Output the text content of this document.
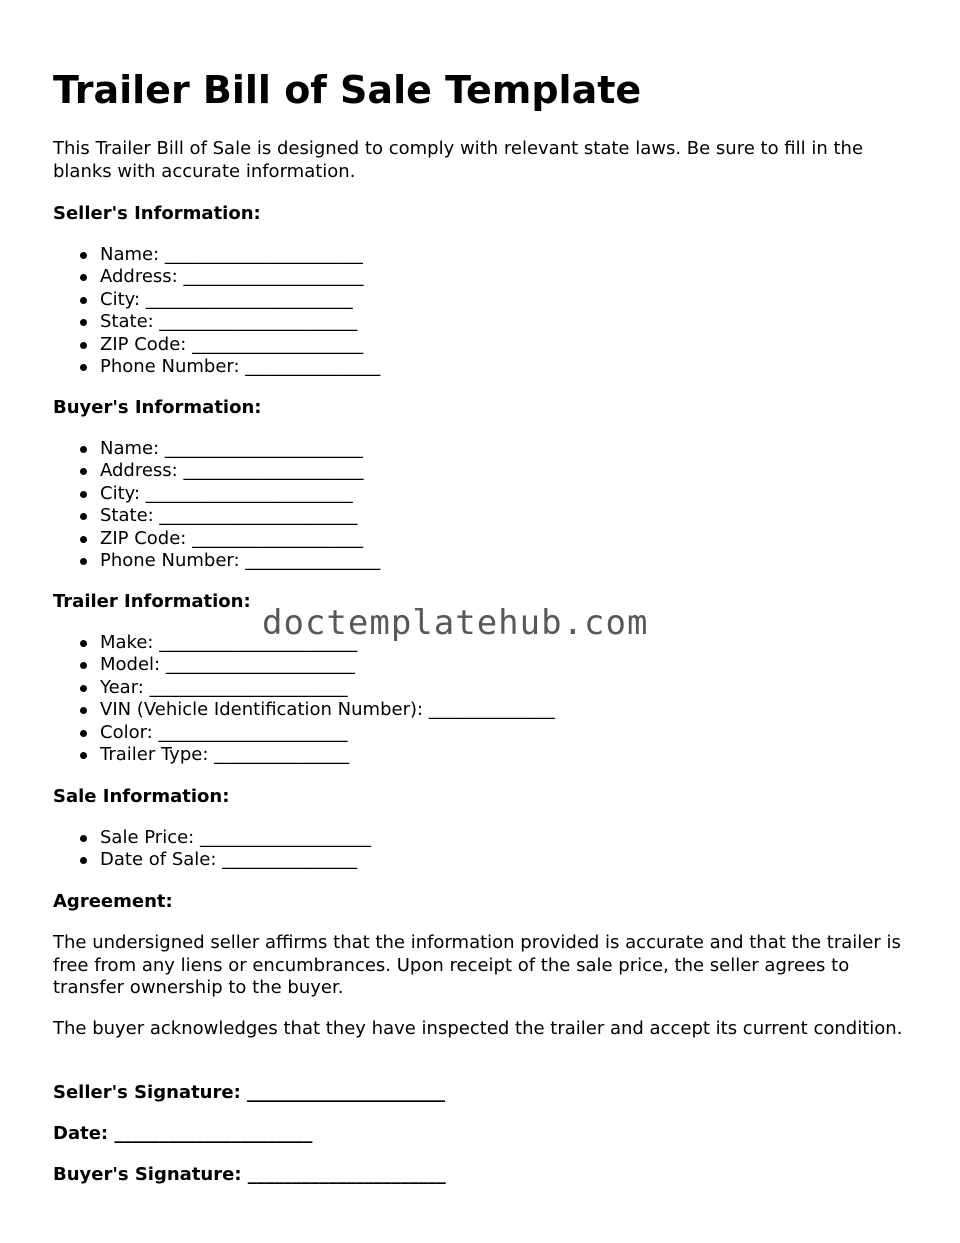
Trailer Bill of Sale Template

This Trailer Bill of Sale is designed to comply with relevant state laws. Be sure to fill in the blanks with accurate information.

Seller's Information:

Name: ______________________
Address: ____________________
City: _______________________
State: ______________________
ZIP Code: ___________________
Phone Number: _______________

Buyer's Information:

Name: ______________________
Address: ____________________
City: _______________________
State: ______________________
ZIP Code: ___________________
Phone Number: _______________

Trailer Information:

Make: ______________________
Model: _____________________
Year: ______________________
VIN (Vehicle Identification Number): ______________
Color: _____________________
Trailer Type: _______________

Sale Information:

Sale Price: ___________________
Date of Sale: _______________

Agreement:

The undersigned seller affirms that the information provided is accurate and that the trailer is free from any liens or encumbrances. Upon receipt of the sale price, the seller agrees to transfer ownership to the buyer.

The buyer acknowledges that they have inspected the trailer and accept its current condition.

Seller's Signature: ______________________

Date: ______________________

Buyer's Signature: ______________________

doctemplatehub.com
